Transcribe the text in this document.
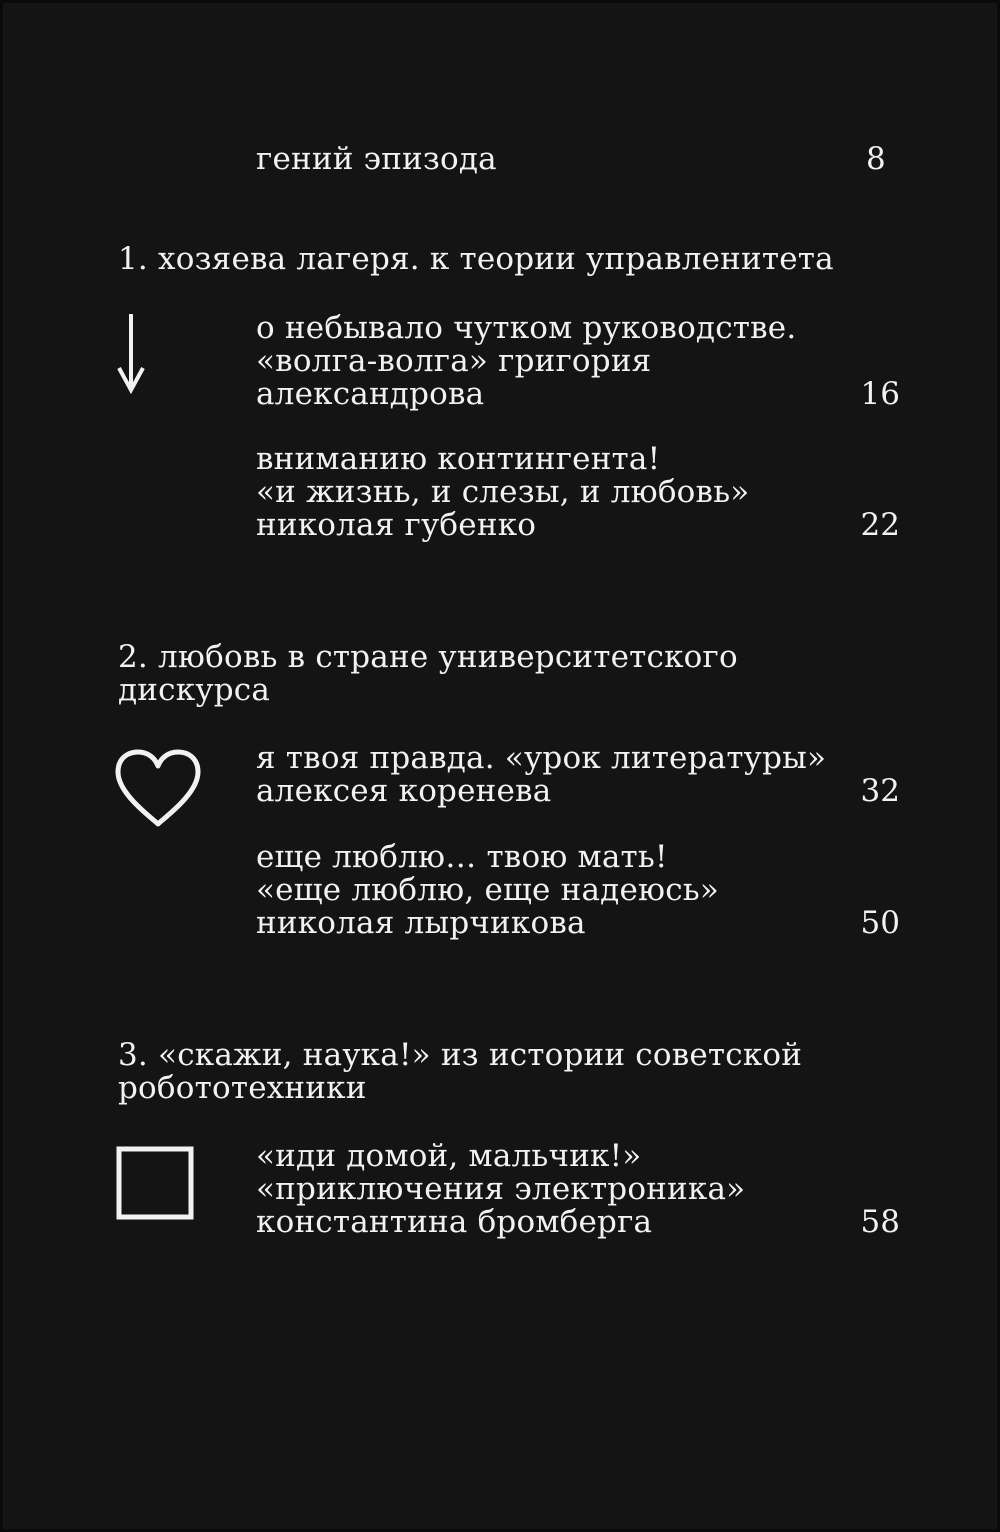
гений эпизода	8
1. хозяева лагеря. к теории управленитета
о небывало чутком руководстве.
«волга-волга» григория
александрова	16
вниманию контингента!
«и жизнь, и слезы, и любовь»
николая губенко	22
2. любовь в стране университетского
дискурса
я твоя правда. «урок литературы»
алексея коренева	32
еще люблю… твою мать!
«еще люблю, еще надеюсь»
николая лырчикова	50
3. «скажи, наука!» из истории советской
робототехники
«иди домой, мальчик!»
«приключения электроника»
константина бромберга	58
